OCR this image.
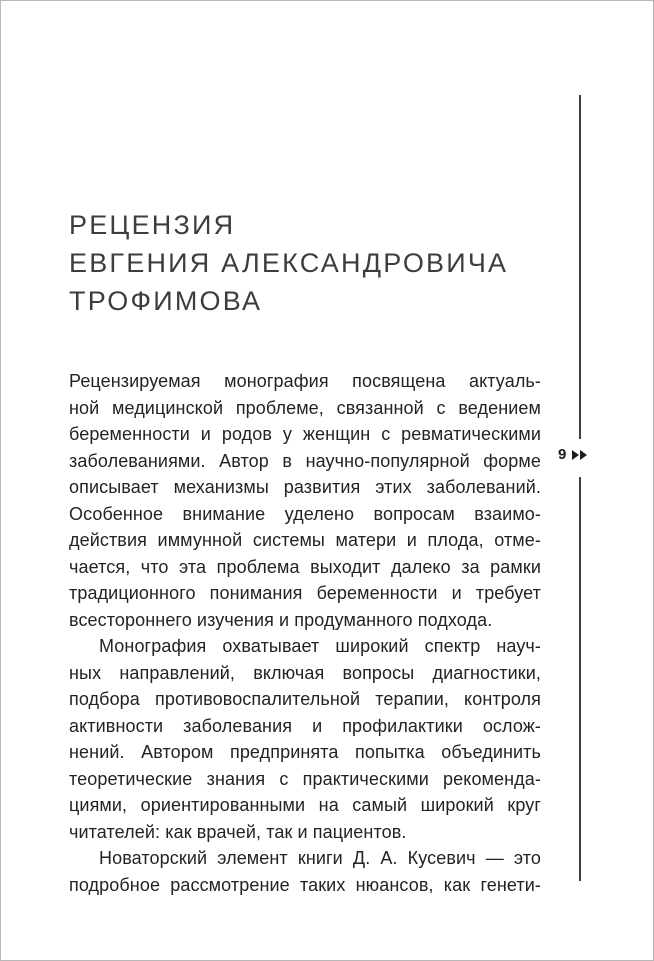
9
РЕЦЕНЗИЯ
ЕВГЕНИЯ АЛЕКСАНДРОВИЧА
ТРОФИМОВА
Рецензируемая монография посвящена актуаль-
ной медицинской проблеме, связанной с ведением
беременности и родов у женщин с ревматическими
заболеваниями. Автор в научно-популярной форме
описывает механизмы развития этих заболеваний.
Особенное внимание уделено вопросам взаимо-
действия иммунной системы матери и плода, отме-
чается, что эта проблема выходит далеко за рамки
традиционного понимания беременности и требует
всестороннего изучения и продуманного подхода.
Монография охватывает широкий спектр науч-
ных направлений, включая вопросы диагностики,
подбора противовоспалительной терапии, контроля
активности заболевания и профилактики ослож-
нений. Автором предпринята попытка объединить
теоретические знания с практическими рекоменда-
циями, ориентированными на самый широкий круг
читателей: как врачей, так и пациентов.
Новаторский элемент книги Д. А. Кусевич — это
подробное рассмотрение таких нюансов, как генети-
